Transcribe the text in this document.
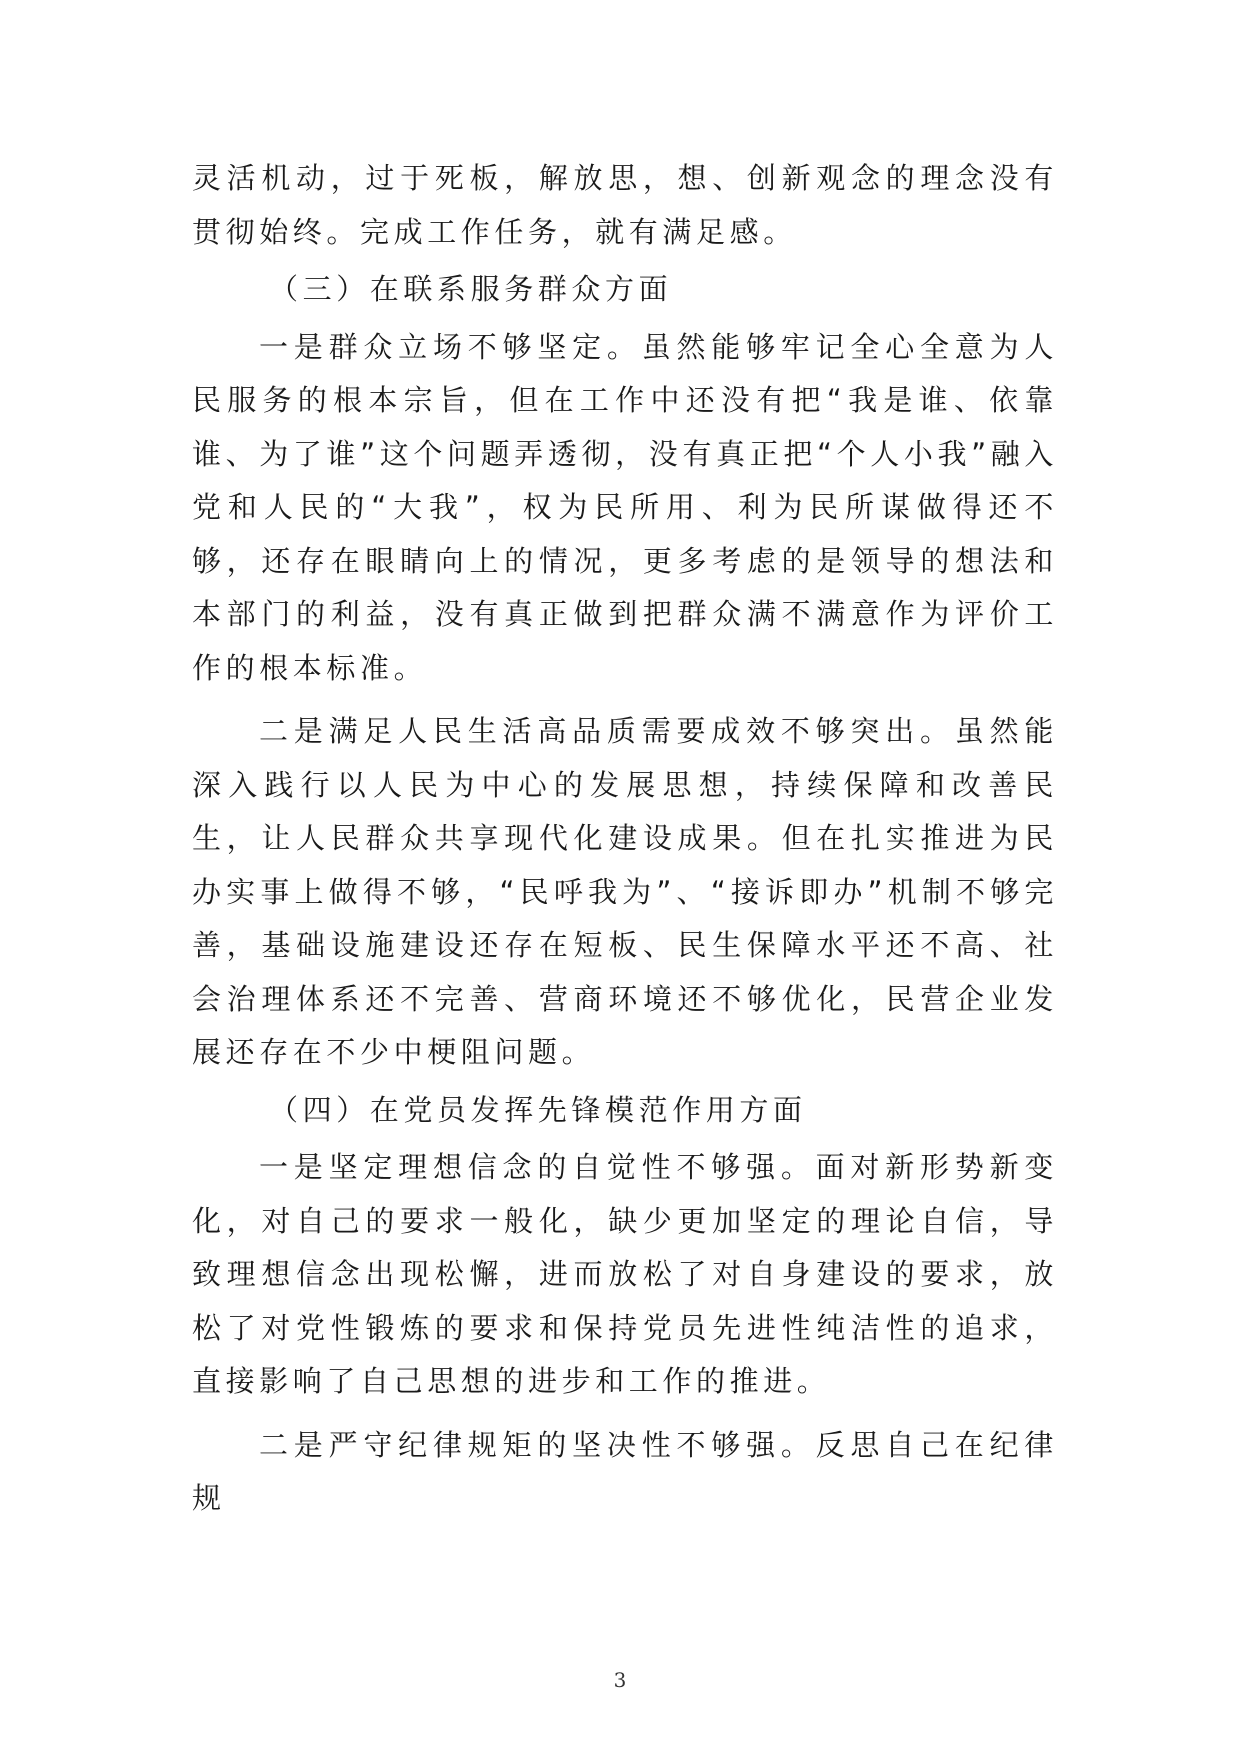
灵活机动，过于死板，解放思，想、创新观念的理念没有贯彻始终。完成工作任务，就有满足感。

（三）在联系服务群众方面

一是群众立场不够坚定。虽然能够牢记全心全意为人民服务的根本宗旨，但在工作中还没有把“我是谁、依靠谁、为了谁”这个问题弄透彻，没有真正把“个人小我”融入党和人民的“大我”，权为民所用、利为民所谋做得还不够，还存在眼睛向上的情况，更多考虑的是领导的想法和本部门的利益，没有真正做到把群众满不满意作为评价工作的根本标准。

二是满足人民生活高品质需要成效不够突出。虽然能深入践行以人民为中心的发展思想，持续保障和改善民生，让人民群众共享现代化建设成果。但在扎实推进为民办实事上做得不够，“民呼我为”、“接诉即办”机制不够完善，基础设施建设还存在短板、民生保障水平还不高、社会治理体系还不完善、营商环境还不够优化，民营企业发展还存在不少中梗阻问题。

（四）在党员发挥先锋模范作用方面

一是坚定理想信念的自觉性不够强。面对新形势新变化，对自己的要求一般化，缺少更加坚定的理论自信，导致理想信念出现松懈，进而放松了对自身建设的要求，放松了对党性锻炼的要求和保持党员先进性纯洁性的追求，直接影响了自己思想的进步和工作的推进。

二是严守纪律规矩的坚决性不够强。反思自己在纪律规

3
